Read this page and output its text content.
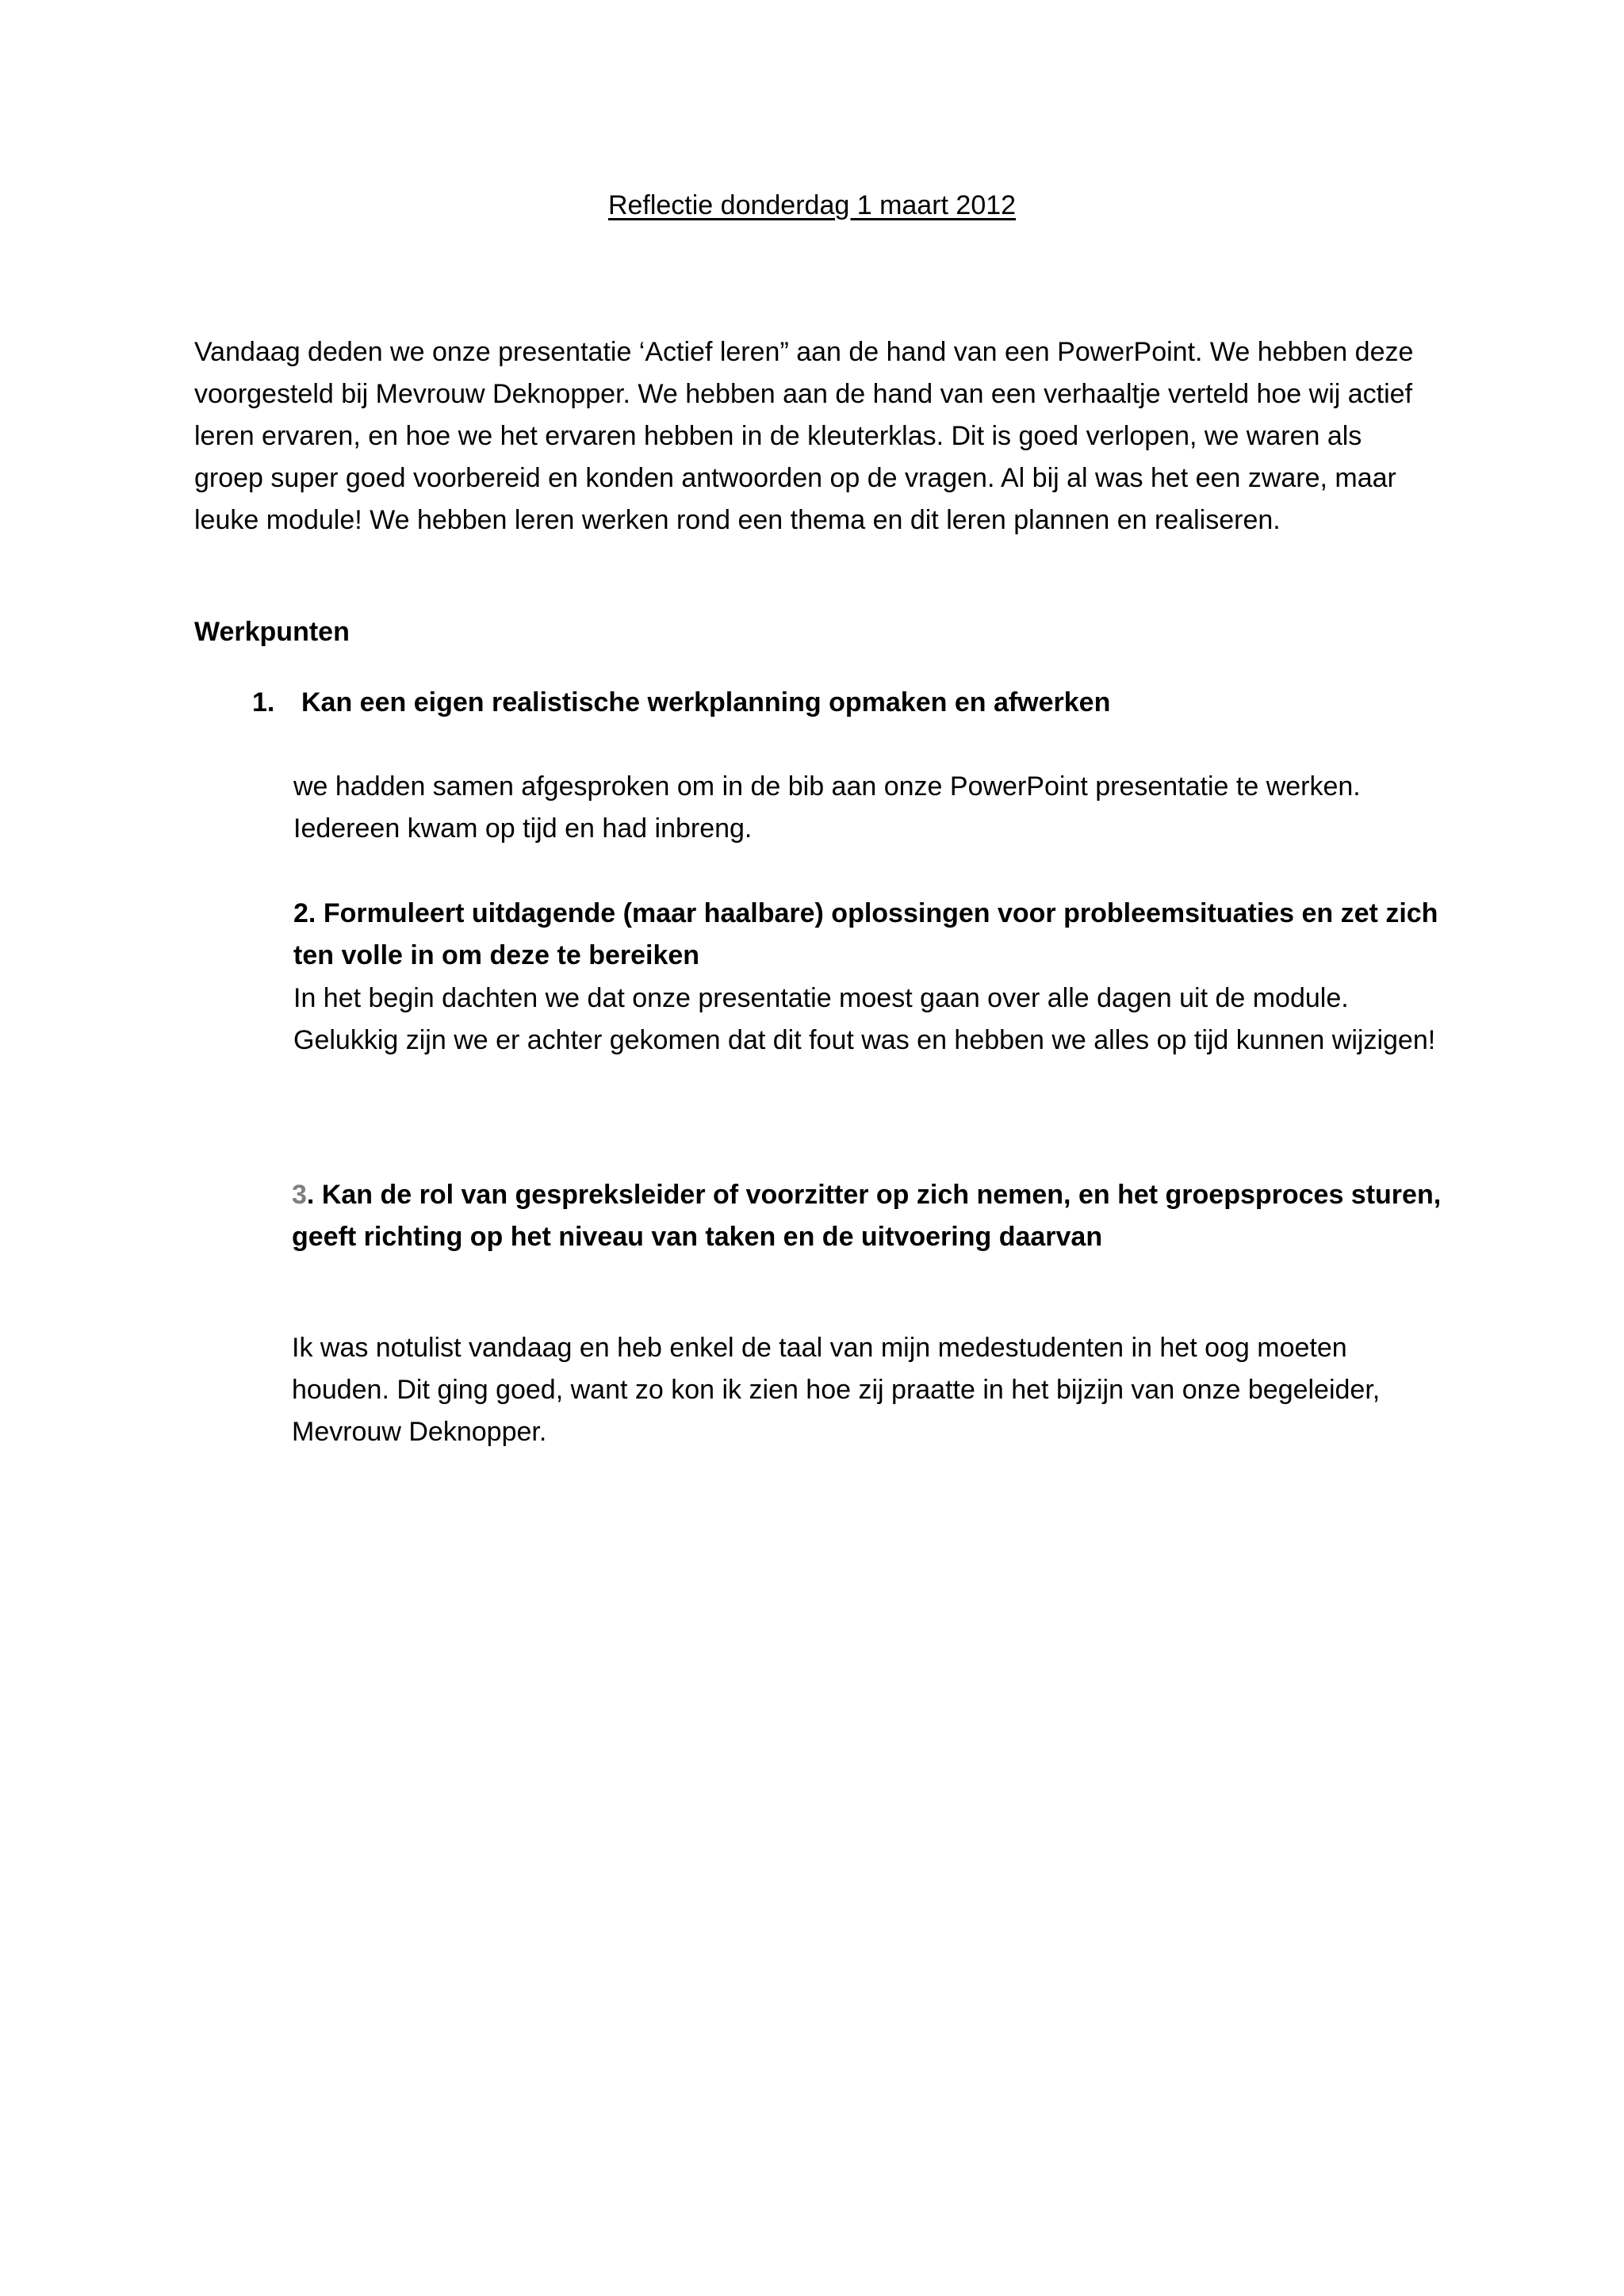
Reflectie donderdag 1 maart 2012

Vandaag deden we onze presentatie ‘Actief leren” aan de hand van een PowerPoint. We hebben deze voorgesteld bij Mevrouw Deknopper. We hebben aan de hand van een verhaaltje verteld hoe wij actief leren ervaren, en hoe we het ervaren hebben in de kleuterklas. Dit is goed verlopen, we waren als groep super goed voorbereid en konden antwoorden op de vragen. Al bij al was het een zware, maar leuke module! We hebben leren werken rond een thema en dit leren plannen en realiseren.

Werkpunten
1. Kan een eigen realistische werkplanning opmaken en afwerken

we hadden samen afgesproken om in de bib aan onze PowerPoint presentatie te werken. Iedereen kwam op tijd en had inbreng.

2. Formuleert uitdagende (maar haalbare) oplossingen voor probleemsituaties en zet zich ten volle in om deze te bereiken

In het begin dachten we dat onze presentatie moest gaan over alle dagen uit de module. Gelukkig zijn we er achter gekomen dat dit fout was en hebben we alles op tijd kunnen wijzigen!

3. Kan de rol van gespreksleider of voorzitter op zich nemen, en het groepsproces sturen, geeft richting op het niveau van taken en de uitvoering daarvan

Ik was notulist vandaag en heb enkel de taal van mijn medestudenten in het oog moeten houden. Dit ging goed, want zo kon ik zien hoe zij praatte in het bijzijn van onze begeleider, Mevrouw Deknopper.
